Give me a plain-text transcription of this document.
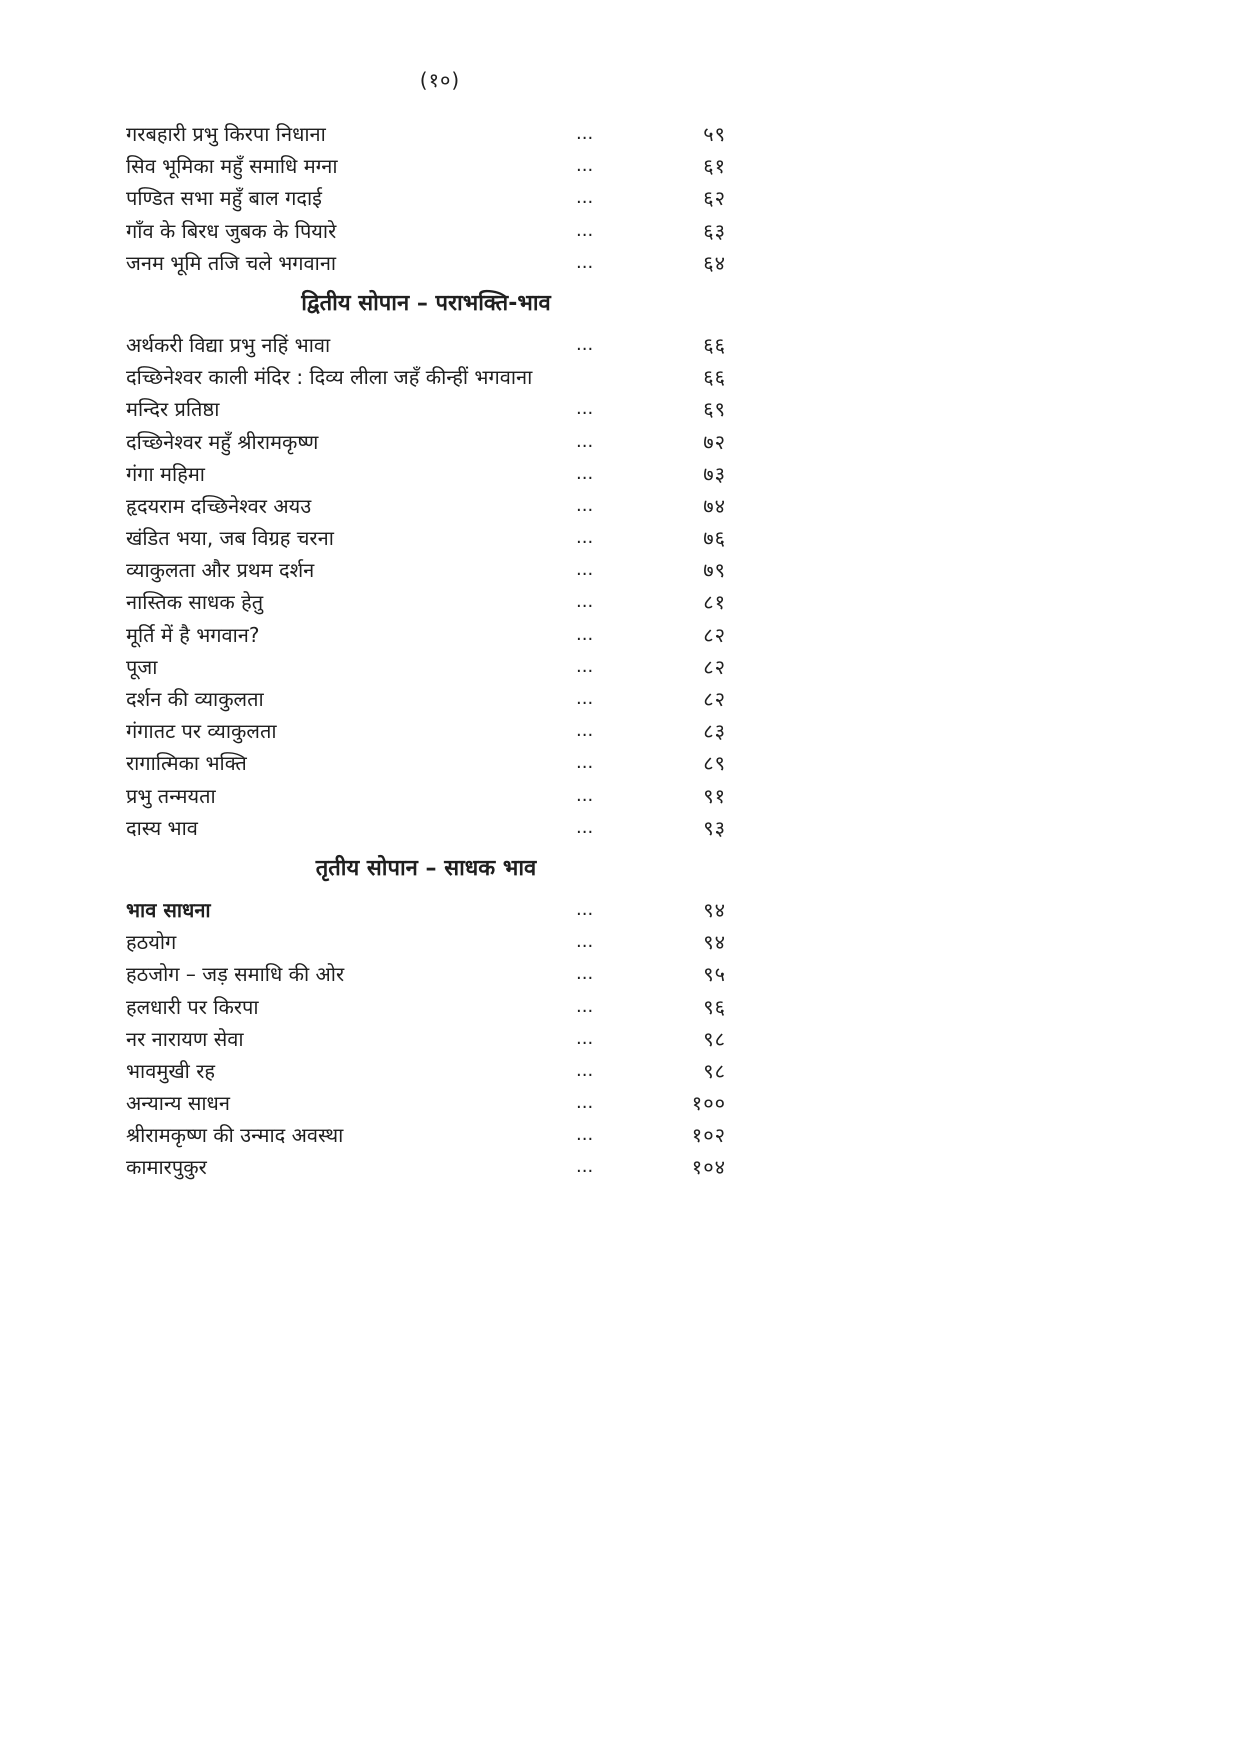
(१०)
गरबहारी प्रभु किरपा निधाना	...	५९
सिव भूमिका महुँ समाधि मग्ना	...	६१
पण्डित सभा महुँ बाल गदाई	...	६२
गाँव के बिरध जुबक के पियारे	...	६३
जनम भूमि तजि चले भगवाना	...	६४
द्वितीय सोपान – पराभक्ति-भाव
अर्थकरी विद्या प्रभु नहिं भावा	...	६६
दच्छिनेश्वर काली मंदिर : दिव्य लीला जहँ कीन्हीं भगवाना	६६
मन्दिर प्रतिष्ठा	...	६९
दच्छिनेश्वर महुँ श्रीरामकृष्ण	...	७२
गंगा महिमा	...	७३
हृदयराम दच्छिनेश्वर अयउ	...	७४
खंडित भया, जब विग्रह चरना	...	७६
व्याकुलता और प्रथम दर्शन	...	७९
नास्तिक साधक हेतु	...	८१
मूर्ति में है भगवान?	...	८२
पूजा	...	८२
दर्शन की व्याकुलता	...	८२
गंगातट पर व्याकुलता	...	८३
रागात्मिका भक्ति	...	८९
प्रभु तन्मयता	...	९१
दास्य भाव	...	९३
तृतीय सोपान – साधक भाव
भाव साधना	...	९४
हठयोग	...	९४
हठजोग – जड़ समाधि की ओर	...	९५
हलधारी पर किरपा	...	९६
नर नारायण सेवा	...	९८
भावमुखी रह	...	९८
अन्यान्य साधन	...	१००
श्रीरामकृष्ण की उन्माद अवस्था	...	१०२
कामारपुकुर	...	१०४
